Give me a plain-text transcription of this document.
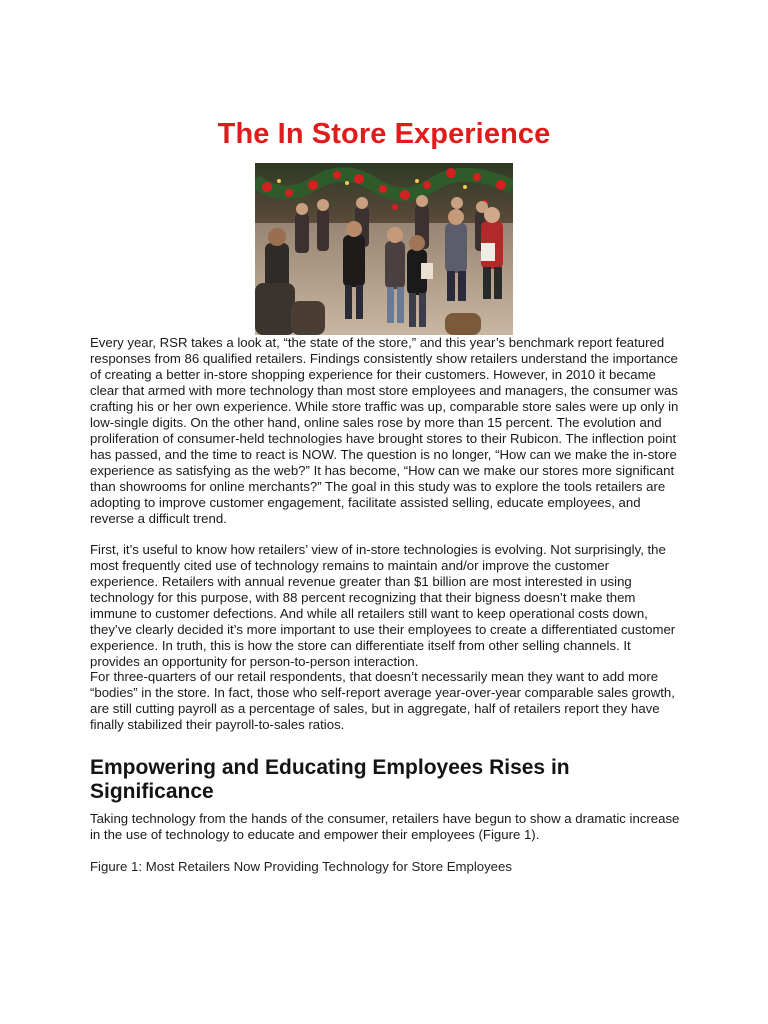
The In Store Experience

Every year, RSR takes a look at, “the state of the store,” and this year’s benchmark report featured responses from 86 qualified retailers. Findings consistently show retailers understand the importance of creating a better in-store shopping experience for their customers. However, in 2010 it became clear that armed with more technology than most store employees and managers, the consumer was crafting his or her own experience. While store traffic was up, comparable store sales were up only in low-single digits. On the other hand, online sales rose by more than 15 percent. The evolution and proliferation of consumer-held technologies have brought stores to their Rubicon. The inflection point has passed, and the time to react is NOW. The question is no longer, “How can we make the in-store experience as satisfying as the web?” It has become, “How can we make our stores more significant than showrooms for online merchants?” The goal in this study was to explore the tools retailers are adopting to improve customer engagement, facilitate assisted selling, educate employees, and reverse a difficult trend.

First, it’s useful to know how retailers’ view of in-store technologies is evolving. Not surprisingly, the most frequently cited use of technology remains to maintain and/or improve the customer experience. Retailers with annual revenue greater than $1 billion are most interested in using technology for this purpose, with 88 percent recognizing that their bigness doesn’t make them immune to customer defections. And while all retailers still want to keep operational costs down, they’ve clearly decided it’s more important to use their employees to create a differentiated customer experience. In truth, this is how the store can differentiate itself from other selling channels. It provides an opportunity for person-to-person interaction.

For three-quarters of our retail respondents, that doesn’t necessarily mean they want to add more “bodies” in the store. In fact, those who self-report average year-over-year comparable sales growth, are still cutting payroll as a percentage of sales, but in aggregate, half of retailers report they have finally stabilized their payroll-to-sales ratios.

Empowering and Educating Employees Rises in Significance

Taking technology from the hands of the consumer, retailers have begun to show a dramatic increase in the use of technology to educate and empower their employees (Figure 1).

Figure 1: Most Retailers Now Providing Technology for Store Employees
